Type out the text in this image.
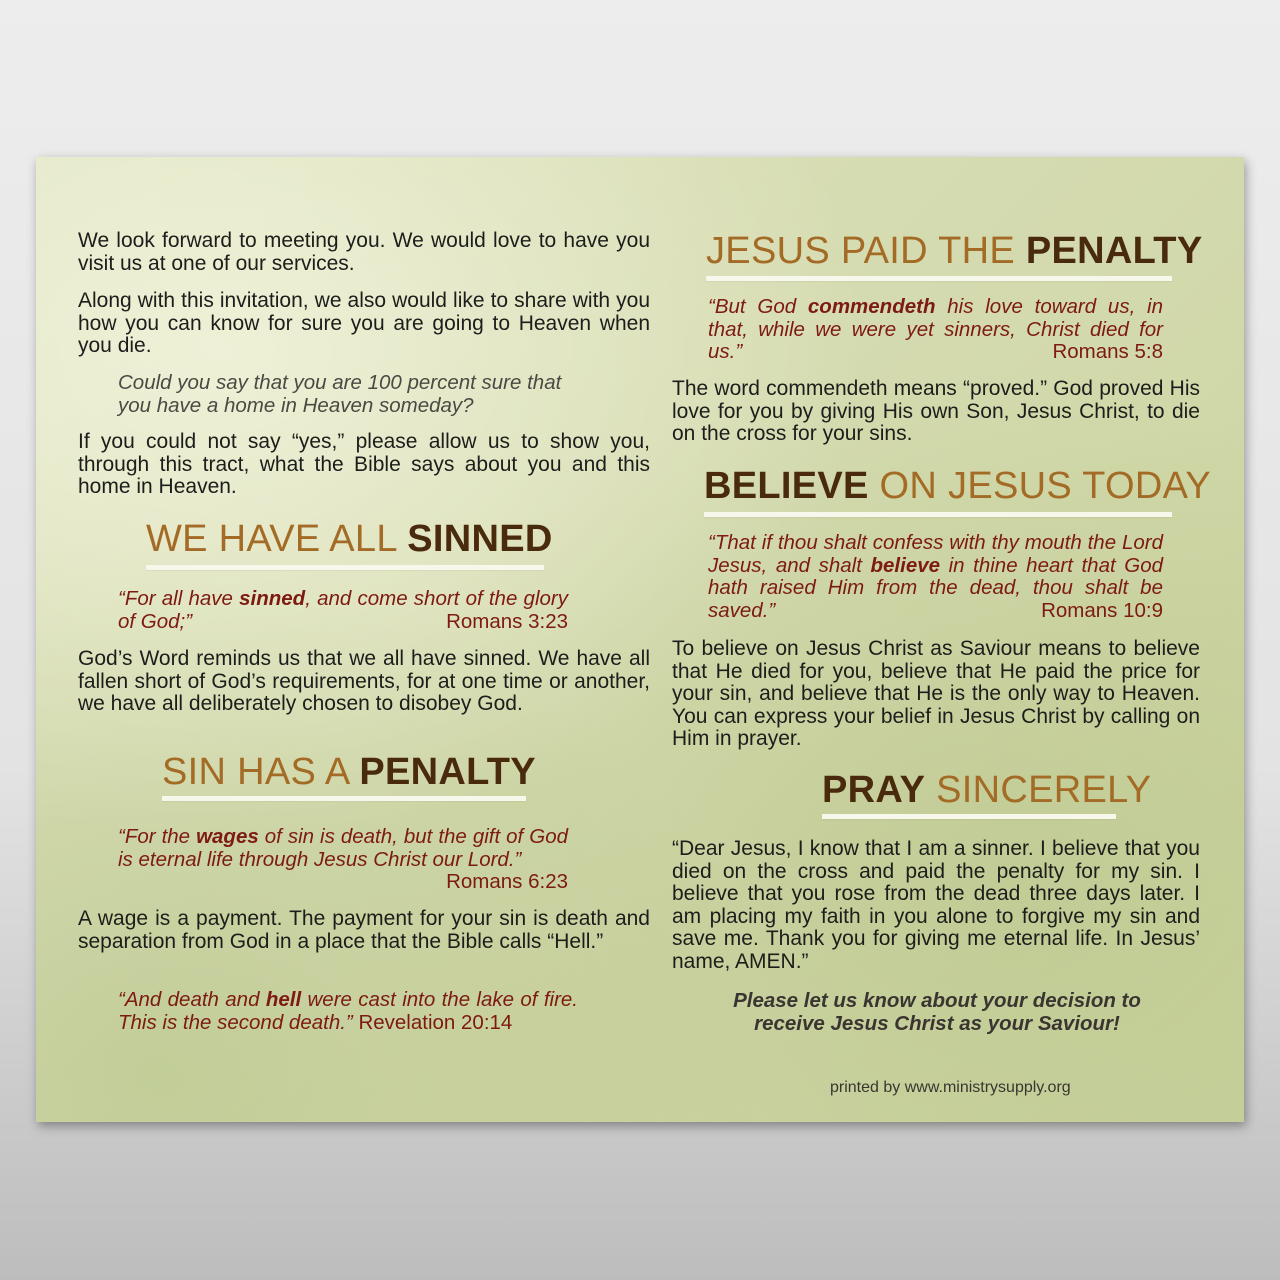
We look forward to meeting you. We would love to have you visit us at one of our services.

Along with this invitation, we also would like to share with you how you can know for sure you are going to Heaven when you die.

Could you say that you are 100 percent sure that you have a home in Heaven someday?

If you could not say “yes,” please allow us to show you, through this tract, what the Bible says about you and this home in Heaven.

WE HAVE ALL SINNED
“For all have sinned, and come short of the glory of God;”	Romans 3:23

God’s Word reminds us that we all have sinned. We have all fallen short of God’s requirements, for at one time or another, we have all deliberately chosen to disobey God.

SIN HAS A PENALTY
“For the wages of sin is death, but the gift of God is eternal life through Jesus Christ our Lord.”
Romans 6:23

A wage is a payment. The payment for your sin is death and separation from God in a place that the Bible calls “Hell.”

“And death and hell were cast into the lake of fire. This is the second death.” Revelation 20:14
JESUS PAID THE PENALTY
“But God commendeth his love toward us, in that, while we were yet sinners, Christ died for us.”	Romans 5:8

The word commendeth means “proved.” God proved His love for you by giving His own Son, Jesus Christ, to die on the cross for your sins.

BELIEVE ON JESUS TODAY
“That if thou shalt confess with thy mouth the Lord Jesus, and shalt believe in thine heart that God hath raised Him from the dead, thou shalt be saved.”	Romans 10:9

To believe on Jesus Christ as Saviour means to believe that He died for you, believe that He paid the price for your sin, and believe that He is the only way to Heaven. You can express your belief in Jesus Christ by calling on Him in prayer.

PRAY SINCERELY

“Dear Jesus, I know that I am a sinner. I believe that you died on the cross and paid the penalty for my sin. I believe that you rose from the dead three days later. I am placing my faith in you alone to forgive my sin and save me. Thank you for giving me eternal life. In Jesus’ name, AMEN.”

Please let us know about your decision to receive Jesus Christ as your Saviour!

printed by www.ministrysupply.org
